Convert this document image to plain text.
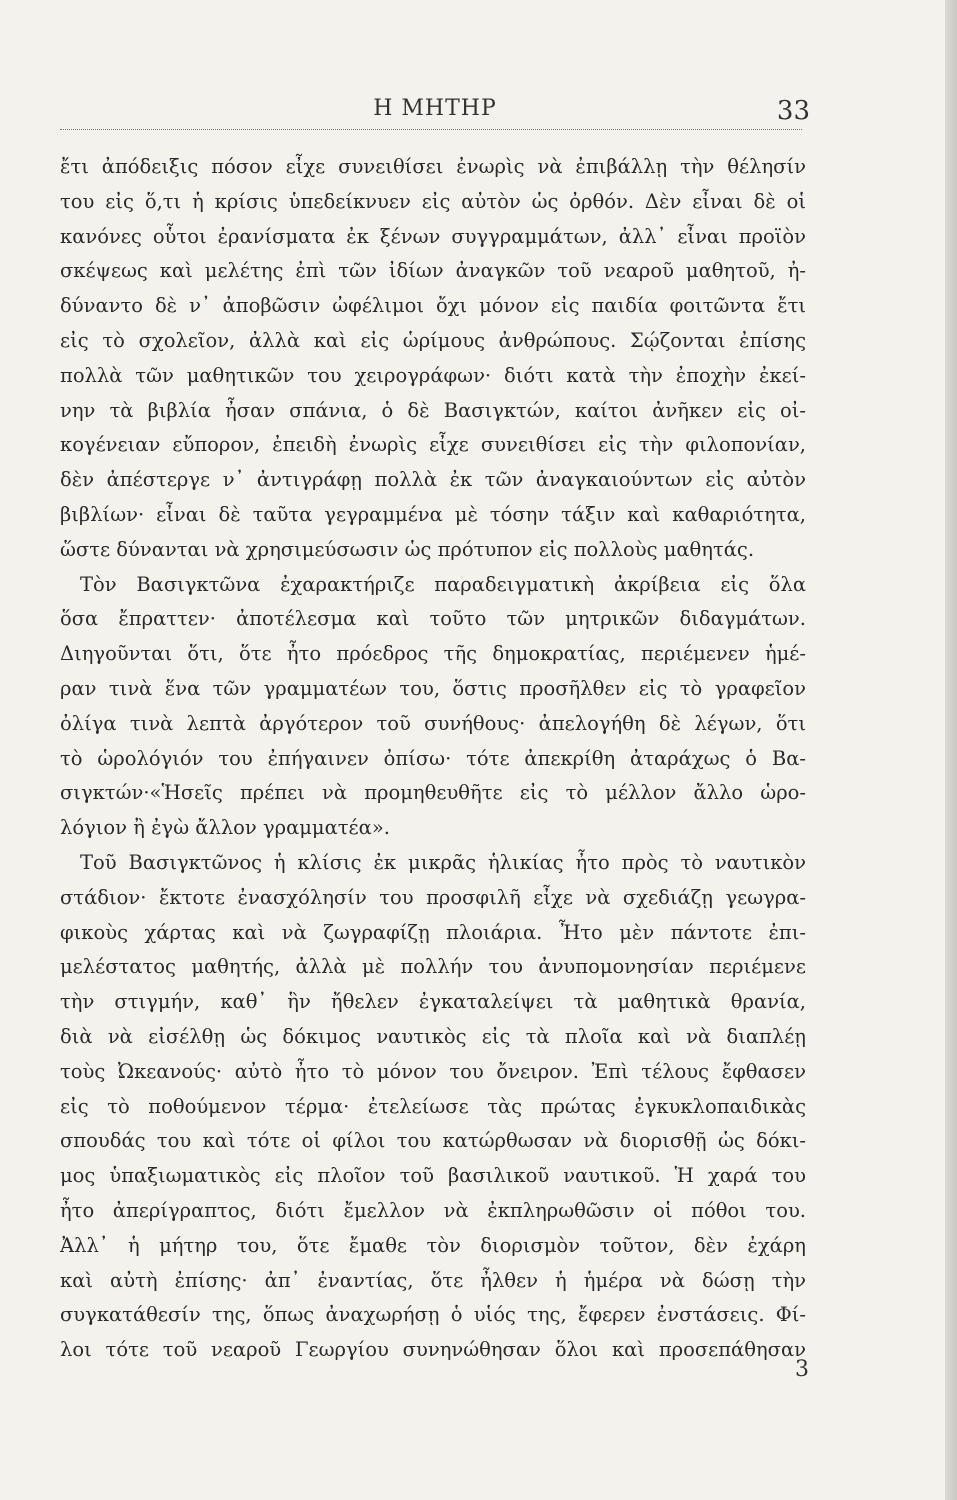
Η ΜΗΤΗΡ	33
ἔτι ἀπόδειξις πόσον εἶχε συνειθίσει ἐνωρὶς νὰ ἐπιβάλλῃ τὴν θέλησίν
του εἰς ὅ,τι ἡ κρίσις ὑπεδείκνυεν εἰς αὐτὸν ὡς ὀρθόν. Δὲν εἶναι δὲ οἱ
κανόνες οὗτοι ἐρανίσματα ἐκ ξένων συγγραμμάτων, ἀλλ᾽ εἶναι προϊὸν
σκέψεως καὶ μελέτης ἐπὶ τῶν ἰδίων ἀναγκῶν τοῦ νεαροῦ μαθητοῦ, ἠ-
δύναντο δὲ ν᾽ ἀποβῶσιν ὠφέλιμοι ὄχι μόνον εἰς παιδία φοιτῶντα ἔτι
εἰς τὸ σχολεῖον, ἀλλὰ καὶ εἰς ὡρίμους ἀνθρώπους. Σῴζονται ἐπίσης
πολλὰ τῶν μαθητικῶν του χειρογράφων· διότι κατὰ τὴν ἐποχὴν ἐκεί-
νην τὰ βιβλία ἦσαν σπάνια, ὁ δὲ Βασιγκτών, καίτοι ἀνῆκεν εἰς οἰ-
κογένειαν εὔπορον, ἐπειδὴ ἐνωρὶς εἶχε συνειθίσει εἰς τὴν φιλοπονίαν,
δὲν ἀπέστεργε ν᾽ ἀντιγράφῃ πολλὰ ἐκ τῶν ἀναγκαιούντων εἰς αὐτὸν
βιβλίων· εἶναι δὲ ταῦτα γεγραμμένα μὲ τόσην τάξιν καὶ καθαριότητα,
ὥστε δύνανται νὰ χρησιμεύσωσιν ὡς πρότυπον εἰς πολλοὺς μαθητάς.
Τὸν Βασιγκτῶνα ἐχαρακτήριζε παραδειγματικὴ ἀκρίβεια εἰς ὅλα
ὅσα ἔπραττεν· ἀποτέλεσμα καὶ τοῦτο τῶν μητρικῶν διδαγμάτων.
Διηγοῦνται ὅτι, ὅτε ἦτο πρόεδρος τῆς δημοκρατίας, περιέμενεν ἡμέ-
ραν τινὰ ἕνα τῶν γραμματέων του, ὅστις προσῆλθεν εἰς τὸ γραφεῖον
ὀλίγα τινὰ λεπτὰ ἀργότερον τοῦ συνήθους· ἀπελογήθη δὲ λέγων, ὅτι
τὸ ὡρολόγιόν του ἐπήγαινεν ὀπίσω· τότε ἀπεκρίθη ἀταράχως ὁ Βα-
σιγκτών·«Ἡσεῖς πρέπει νὰ προμηθευθῆτε εἰς τὸ μέλλον ἄλλο ὡρο-
λόγιον ἢ ἐγὼ ἄλλον γραμματέα».
Τοῦ Βασιγκτῶνος ἡ κλίσις ἐκ μικρᾶς ἡλικίας ἦτο πρὸς τὸ ναυτικὸν
στάδιον· ἔκτοτε ἐνασχόλησίν του προσφιλῆ εἶχε νὰ σχεδιάζῃ γεωγρα-
φικοὺς χάρτας καὶ νὰ ζωγραφίζῃ πλοιάρια. Ἦτο μὲν πάντοτε ἐπι-
μελέστατος μαθητής, ἀλλὰ μὲ πολλήν του ἀνυπομονησίαν περιέμενε
τὴν στιγμήν, καθ᾽ ἣν ἤθελεν ἐγκαταλείψει τὰ μαθητικὰ θρανία,
διὰ νὰ εἰσέλθῃ ὡς δόκιμος ναυτικὸς εἰς τὰ πλοῖα καὶ νὰ διαπλέῃ
τοὺς Ὠκεανούς· αὐτὸ ἦτο τὸ μόνον του ὄνειρον. Ἐπὶ τέλους ἔφθασεν
εἰς τὸ ποθούμενον τέρμα· ἐτελείωσε τὰς πρώτας ἐγκυκλοπαιδικὰς
σπουδάς του καὶ τότε οἱ φίλοι του κατώρθωσαν νὰ διορισθῇ ὡς δόκι-
μος ὑπαξιωματικὸς εἰς πλοῖον τοῦ βασιλικοῦ ναυτικοῦ. Ἡ χαρά του
ἦτο ἀπερίγραπτος, διότι ἔμελλον νὰ ἐκπληρωθῶσιν οἱ πόθοι του.
Ἀλλ᾽ ἡ μήτηρ του, ὅτε ἔμαθε τὸν διορισμὸν τοῦτον, δὲν ἐχάρη
καὶ αὐτὴ ἐπίσης· ἀπ᾽ ἐναντίας, ὅτε ἦλθεν ἡ ἡμέρα νὰ δώσῃ τὴν
συγκατάθεσίν της, ὅπως ἀναχωρήσῃ ὁ υἱός της, ἔφερεν ἐνστάσεις. Φί-
λοι τότε τοῦ νεαροῦ Γεωργίου συνηνώθησαν ὅλοι καὶ προσεπάθησαν
3
